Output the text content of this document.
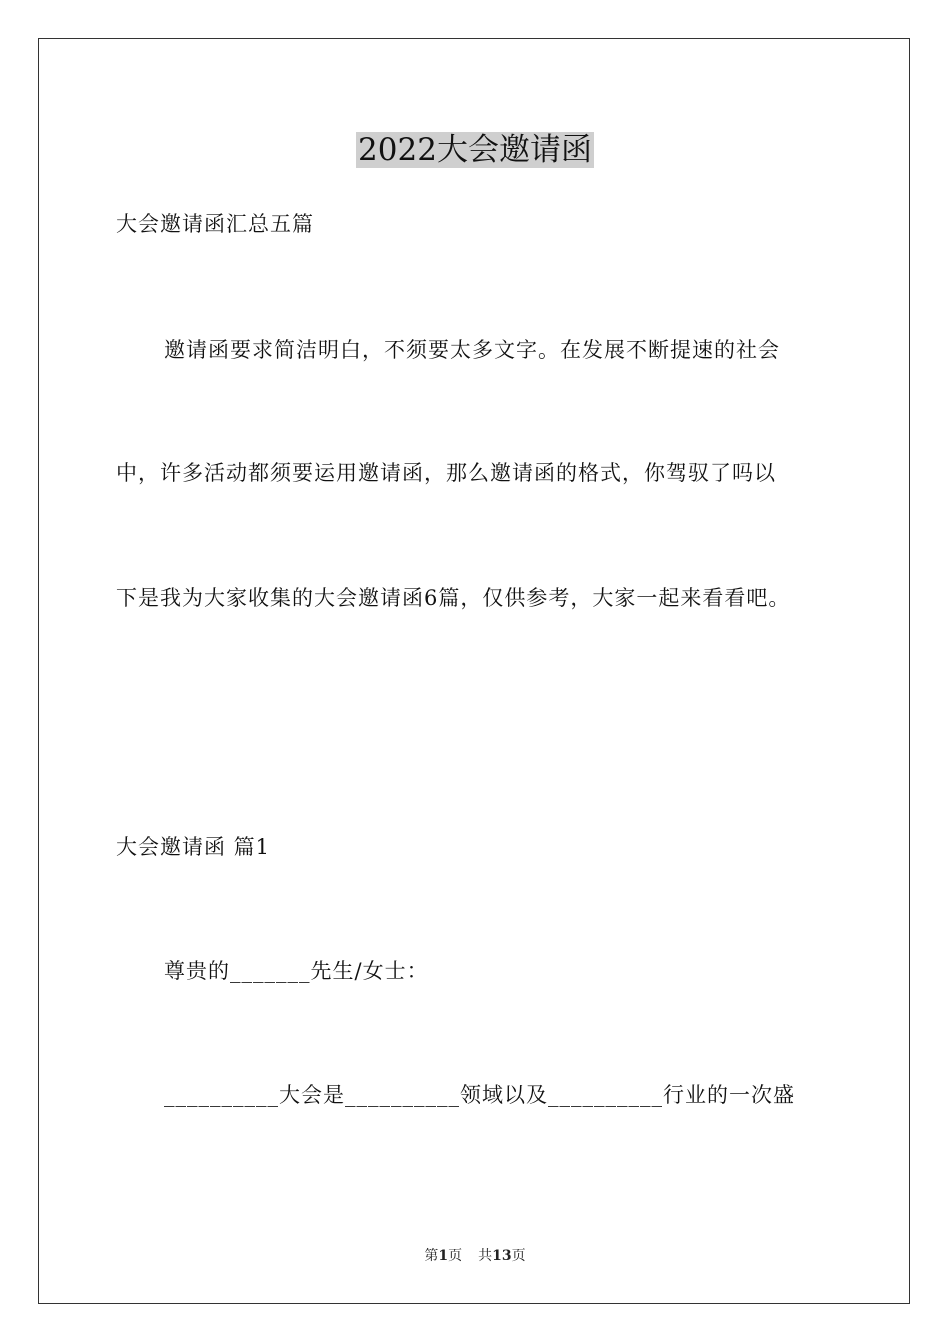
2022大会邀请函
大会邀请函汇总五篇
邀请函要求简洁明白，不须要太多文字。在发展不断提速的社会
中，许多活动都须要运用邀请函，那么邀请函的格式，你驾驭了吗以
下是我为大家收集的大会邀请函6篇，仅供参考，大家一起来看看吧。
大会邀请函 篇1
尊贵的_______先生/女士：
__________大会是__________领域以及__________行业的一次盛
第1页 共13页
